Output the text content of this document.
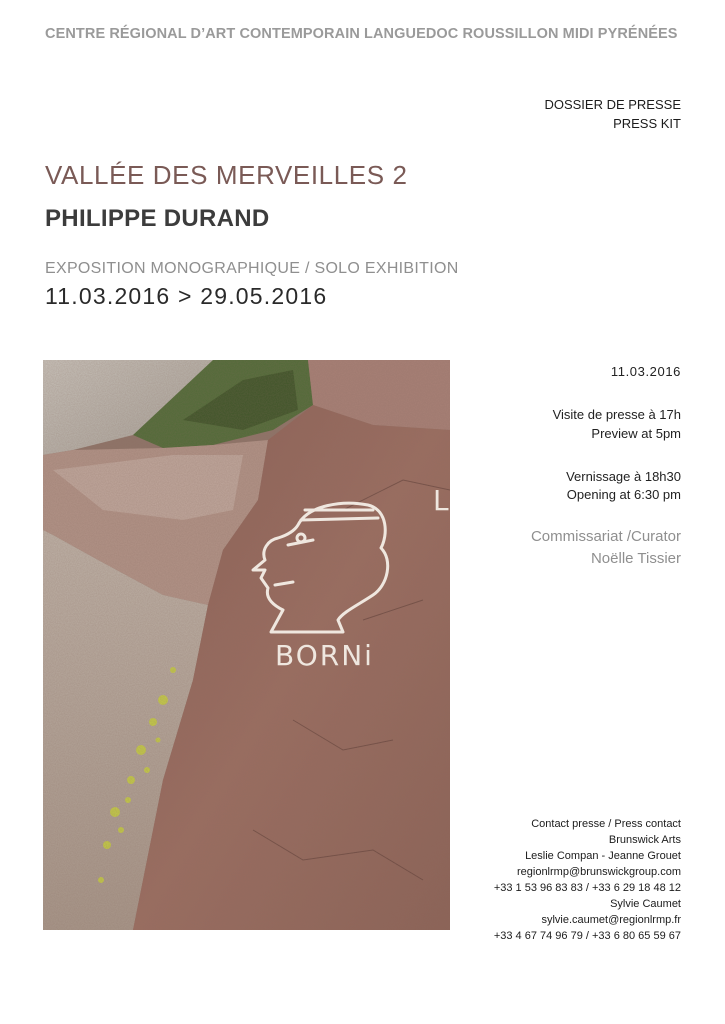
CENTRE RÉGIONAL D’ART CONTEMPORAIN LANGUEDOC ROUSSILLON MIDI PYRÉNÉES
DOSSIER DE PRESSE
PRESS KIT
VALLÉE DES MERVEILLES 2
PHILIPPE DURAND
EXPOSITION MONOGRAPHIQUE / SOLO EXHIBITION
11.03.2016 > 29.05.2016
BORNi
L
11.03.2016
Visite de presse à 17h
Preview at 5pm
Vernissage à 18h30
Opening at 6:30 pm
Commissariat /Curator
Noëlle Tissier
Contact presse / Press contact
Brunswick Arts
Leslie Compan - Jeanne Grouet
regionlrmp@brunswickgroup.com
+33 1 53 96 83 83 / +33 6 29 18 48 12
Sylvie Caumet
sylvie.caumet@regionlrmp.fr
+33 4 67 74 96 79 / +33 6 80 65 59 67
